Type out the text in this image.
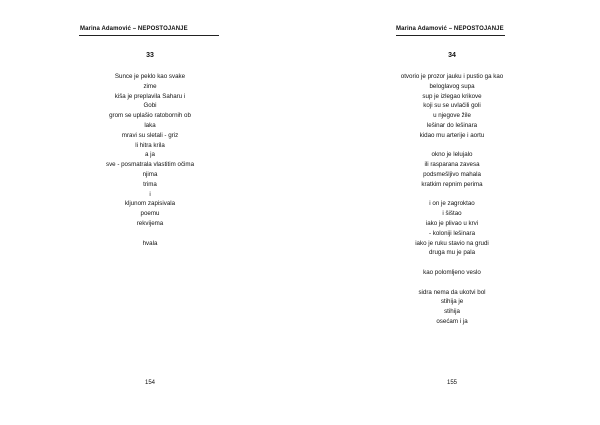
Marina Adamović – NEPOSTOJANJE
33
Sunce je peklo kao svake
zime
kiša je preplavila Saharu i
Gobi
grom se uplašio ratobornih ob
laka
mravi su sletali - griz
li hitra krila
a ja
sve - posmatrala vlastitim očima
njima
trima
i
kljunom zapisivala
poemu
rekvijema
hvala
154
Marina Adamović – NEPOSTOJANJE
34
otvorio je prozor jauku i pustio ga kao
beloglavog supa
sup je izlegao krikove
koji su se uvlačili goli
u njegove žile
lešinar do lešinara
kidao mu arterije i aortu
okno je lelujalo
ili rasparana zavesa
podsmešljivo mahala
kratkim repnim perima
i on je zagroktao
i šištao
iako je plivao u krvi
- koloniji lešinara
iako je ruku stavio na grudi
druga mu je pala
kao polomljeno veslo
sidra nema da ukotvi bol
stihija je
stihija
osećam i ja
155
